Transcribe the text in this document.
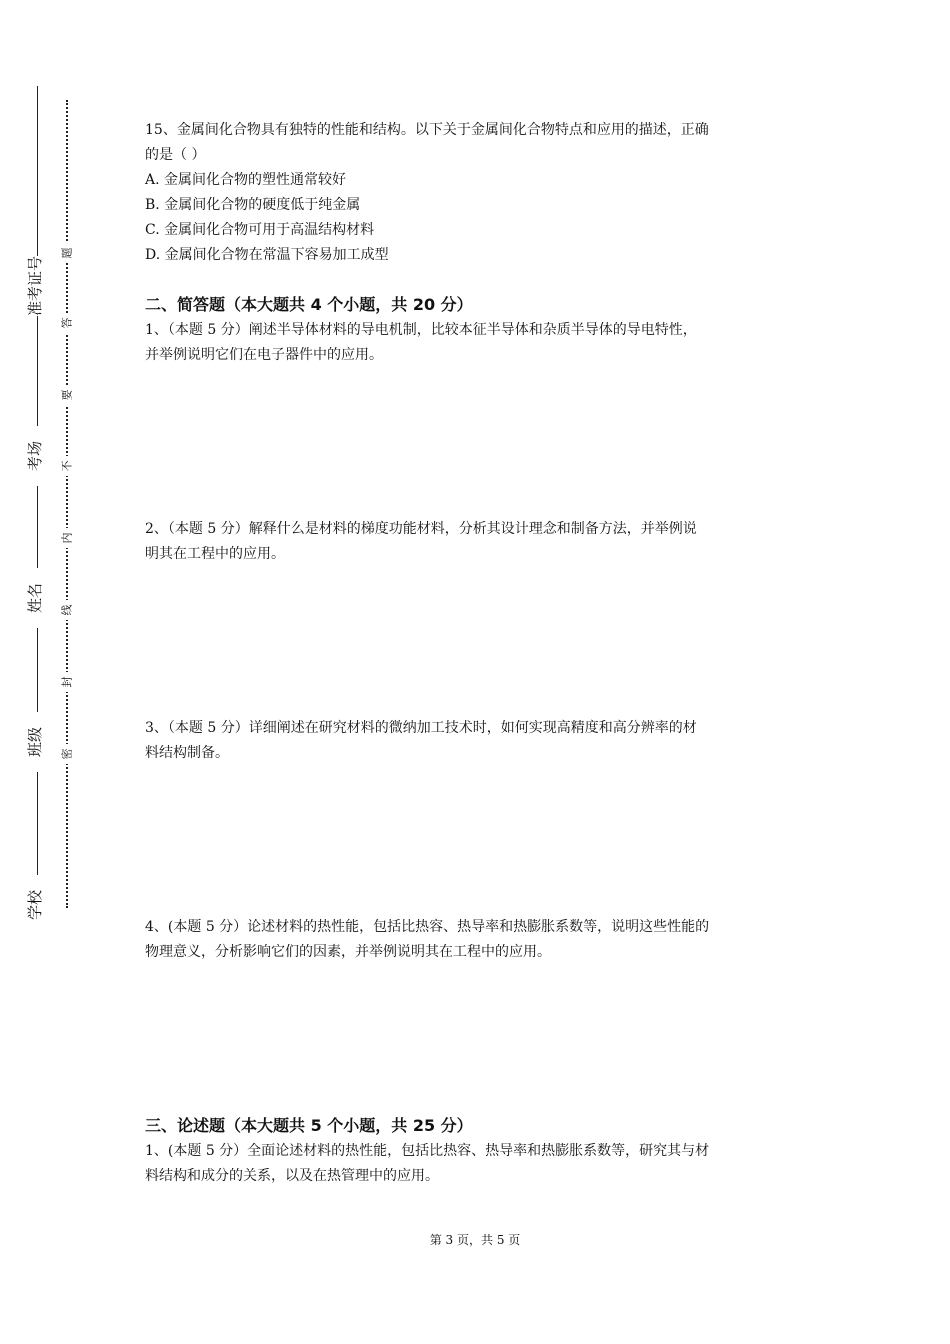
准考证号
考场
姓名
班级
学校
题
答
要
不
内
线
封
密

15、金属间化合物具有独特的性能和结构。以下关于金属间化合物特点和应用的描述，正确

的是（ ）

A. 金属间化合物的塑性通常较好

B. 金属间化合物的硬度低于纯金属

C. 金属间化合物可用于高温结构材料

D. 金属间化合物在常温下容易加工成型

二、简答题（本大题共 4 个小题，共 20 分）

1、（本题 5 分）阐述半导体材料的导电机制，比较本征半导体和杂质半导体的导电特性，

并举例说明它们在电子器件中的应用。

2、（本题 5 分）解释什么是材料的梯度功能材料，分析其设计理念和制备方法，并举例说

明其在工程中的应用。

3、（本题 5 分）详细阐述在研究材料的微纳加工技术时，如何实现高精度和高分辨率的材

料结构制备。

4、(本题 5 分）论述材料的热性能，包括比热容、热导率和热膨胀系数等，说明这些性能的

物理意义，分析影响它们的因素，并举例说明其在工程中的应用。

三、论述题（本大题共 5 个小题，共 25 分）

1、(本题 5 分）全面论述材料的热性能，包括比热容、热导率和热膨胀系数等，研究其与材

料结构和成分的关系，以及在热管理中的应用。

第 3 页，共 5 页
